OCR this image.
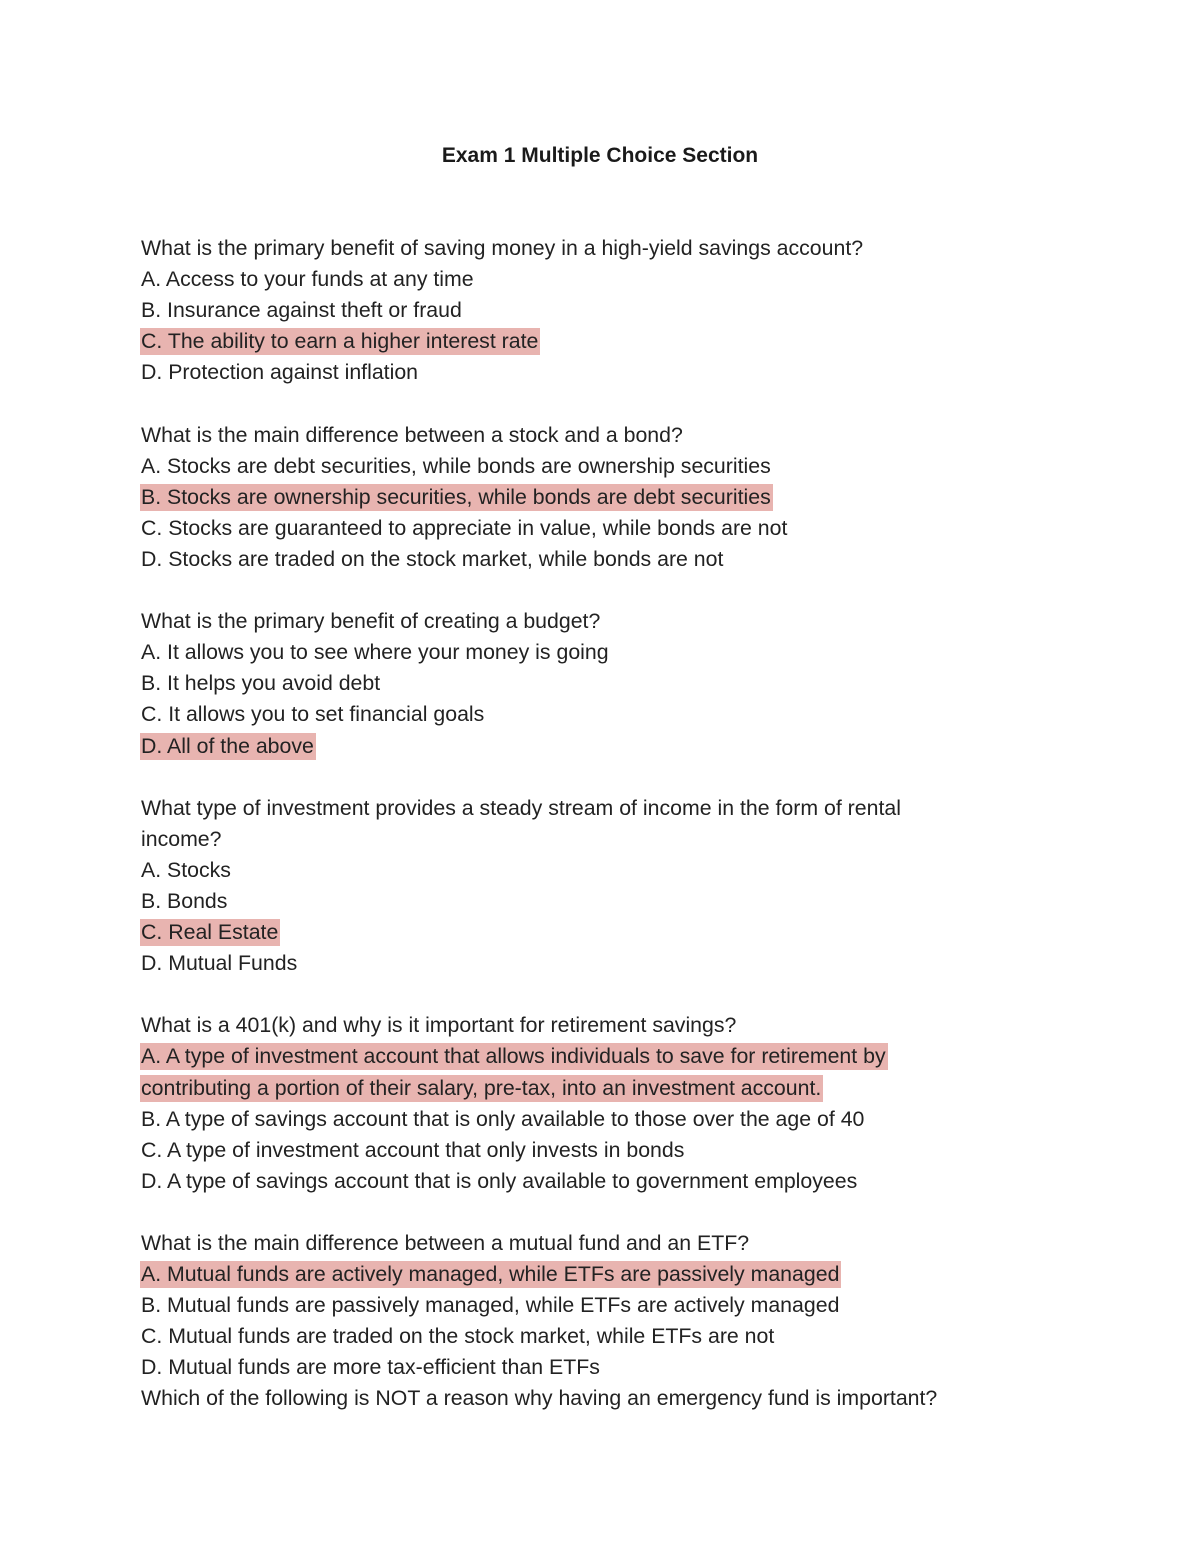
Exam 1 Multiple Choice Section
What is the primary benefit of saving money in a high-yield savings account?
A. Access to your funds at any time
B. Insurance against theft or fraud
C. The ability to earn a higher interest rate
D. Protection against inflation
What is the main difference between a stock and a bond?
A. Stocks are debt securities, while bonds are ownership securities
B. Stocks are ownership securities, while bonds are debt securities
C. Stocks are guaranteed to appreciate in value, while bonds are not
D. Stocks are traded on the stock market, while bonds are not
What is the primary benefit of creating a budget?
A. It allows you to see where your money is going
B. It helps you avoid debt
C. It allows you to set financial goals
D. All of the above
What type of investment provides a steady stream of income in the form of rental
income?
A. Stocks
B. Bonds
C. Real Estate
D. Mutual Funds
What is a 401(k) and why is it important for retirement savings?
A. A type of investment account that allows individuals to save for retirement by
contributing a portion of their salary, pre-tax, into an investment account.
B. A type of savings account that is only available to those over the age of 40
C. A type of investment account that only invests in bonds
D. A type of savings account that is only available to government employees
What is the main difference between a mutual fund and an ETF?
A. Mutual funds are actively managed, while ETFs are passively managed
B. Mutual funds are passively managed, while ETFs are actively managed
C. Mutual funds are traded on the stock market, while ETFs are not
D. Mutual funds are more tax-efficient than ETFs
Which of the following is NOT a reason why having an emergency fund is important?
